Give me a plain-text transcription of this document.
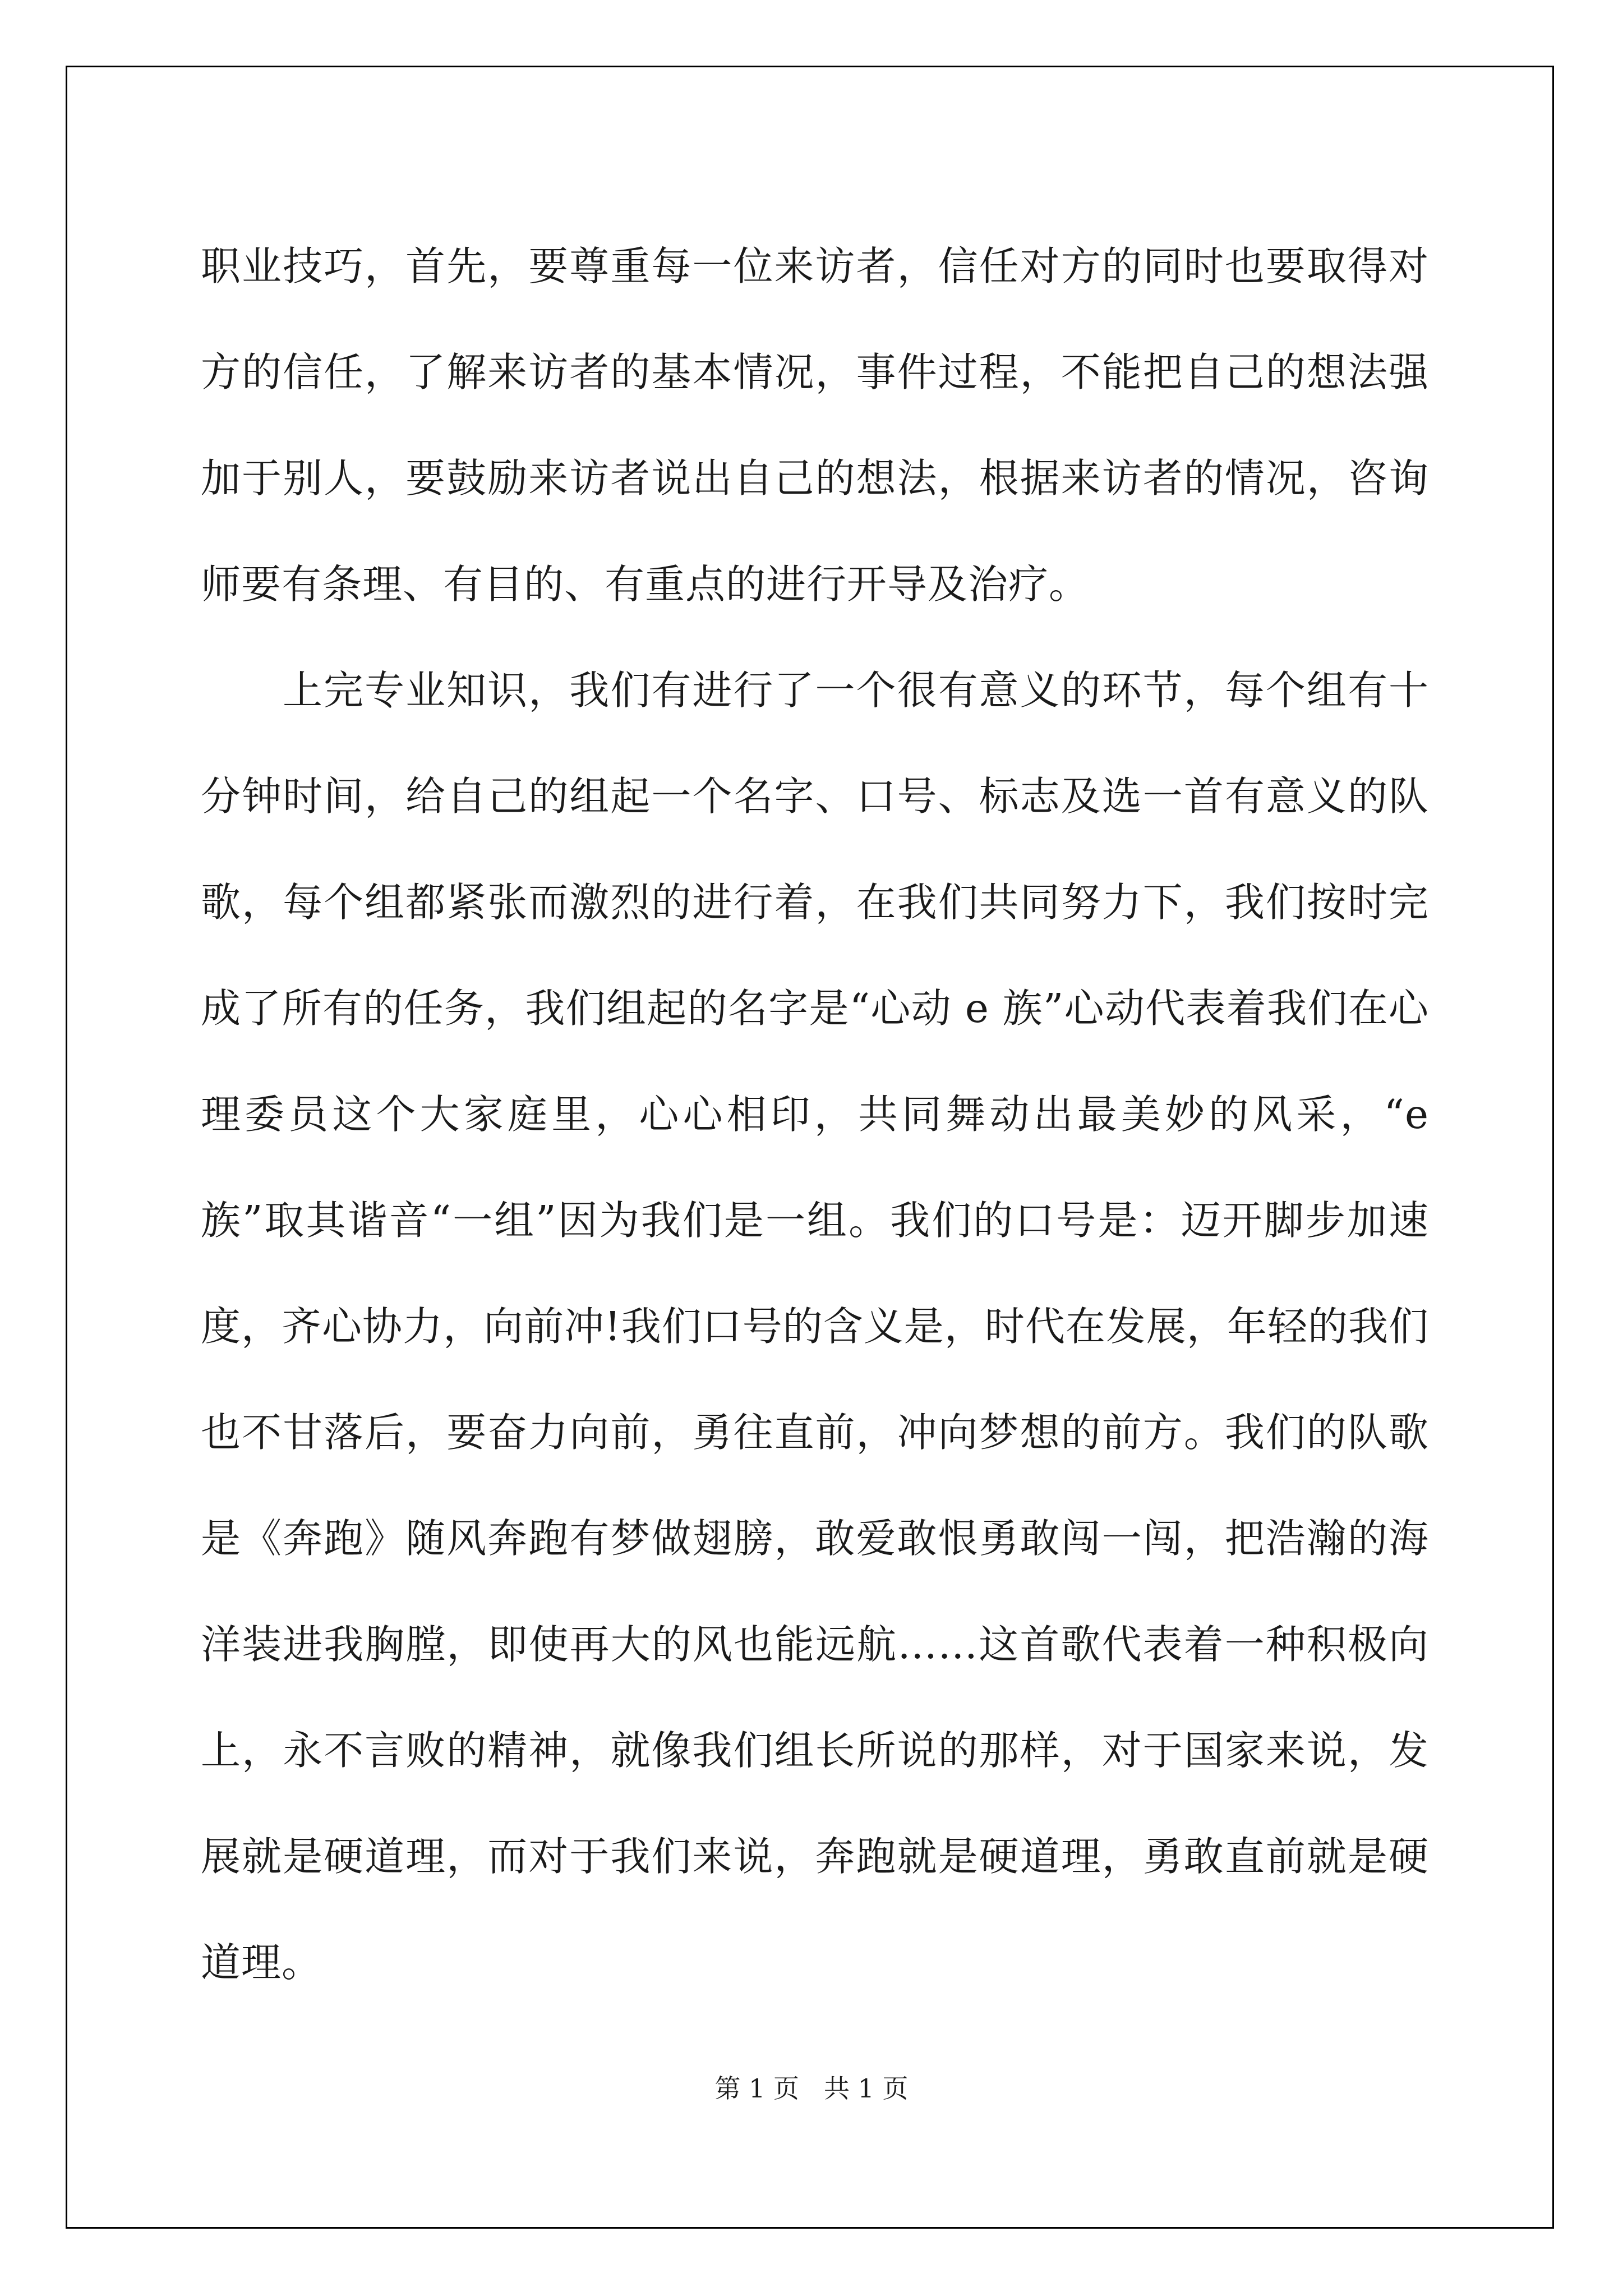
职业技巧，首先，要尊重每一位来访者，信任对方的同时也要取得对方的信任，了解来访者的基本情况，事件过程，不能把自己的想法强加于别人，要鼓励来访者说出自己的想法，根据来访者的情况，咨询师要有条理、有目的、有重点的进行开导及治疗。

上完专业知识，我们有进行了一个很有意义的环节，每个组有十分钟时间，给自己的组起一个名字、口号、标志及选一首有意义的队歌，每个组都紧张而激烈的进行着，在我们共同努力下，我们按时完成了所有的任务，我们组起的名字是“心动 e 族”心动代表着我们在心理委员这个大家庭里，心心相印，共同舞动出最美妙的风采，“e 族”取其谐音“一组”因为我们是一组。我们的口号是：迈开脚步加速度，齐心协力，向前冲!我们口号的含义是，时代在发展，年轻的我们也不甘落后，要奋力向前，勇往直前，冲向梦想的前方。我们的队歌是《奔跑》随风奔跑有梦做翅膀，敢爱敢恨勇敢闯一闯，把浩瀚的海洋装进我胸膛，即使再大的风也能远航……这首歌代表着一种积极向上，永不言败的精神，就像我们组长所说的那样，对于国家来说，发展就是硬道理，而对于我们来说，奔跑就是硬道理，勇敢直前就是硬道理。

第 1 页 共 1 页
